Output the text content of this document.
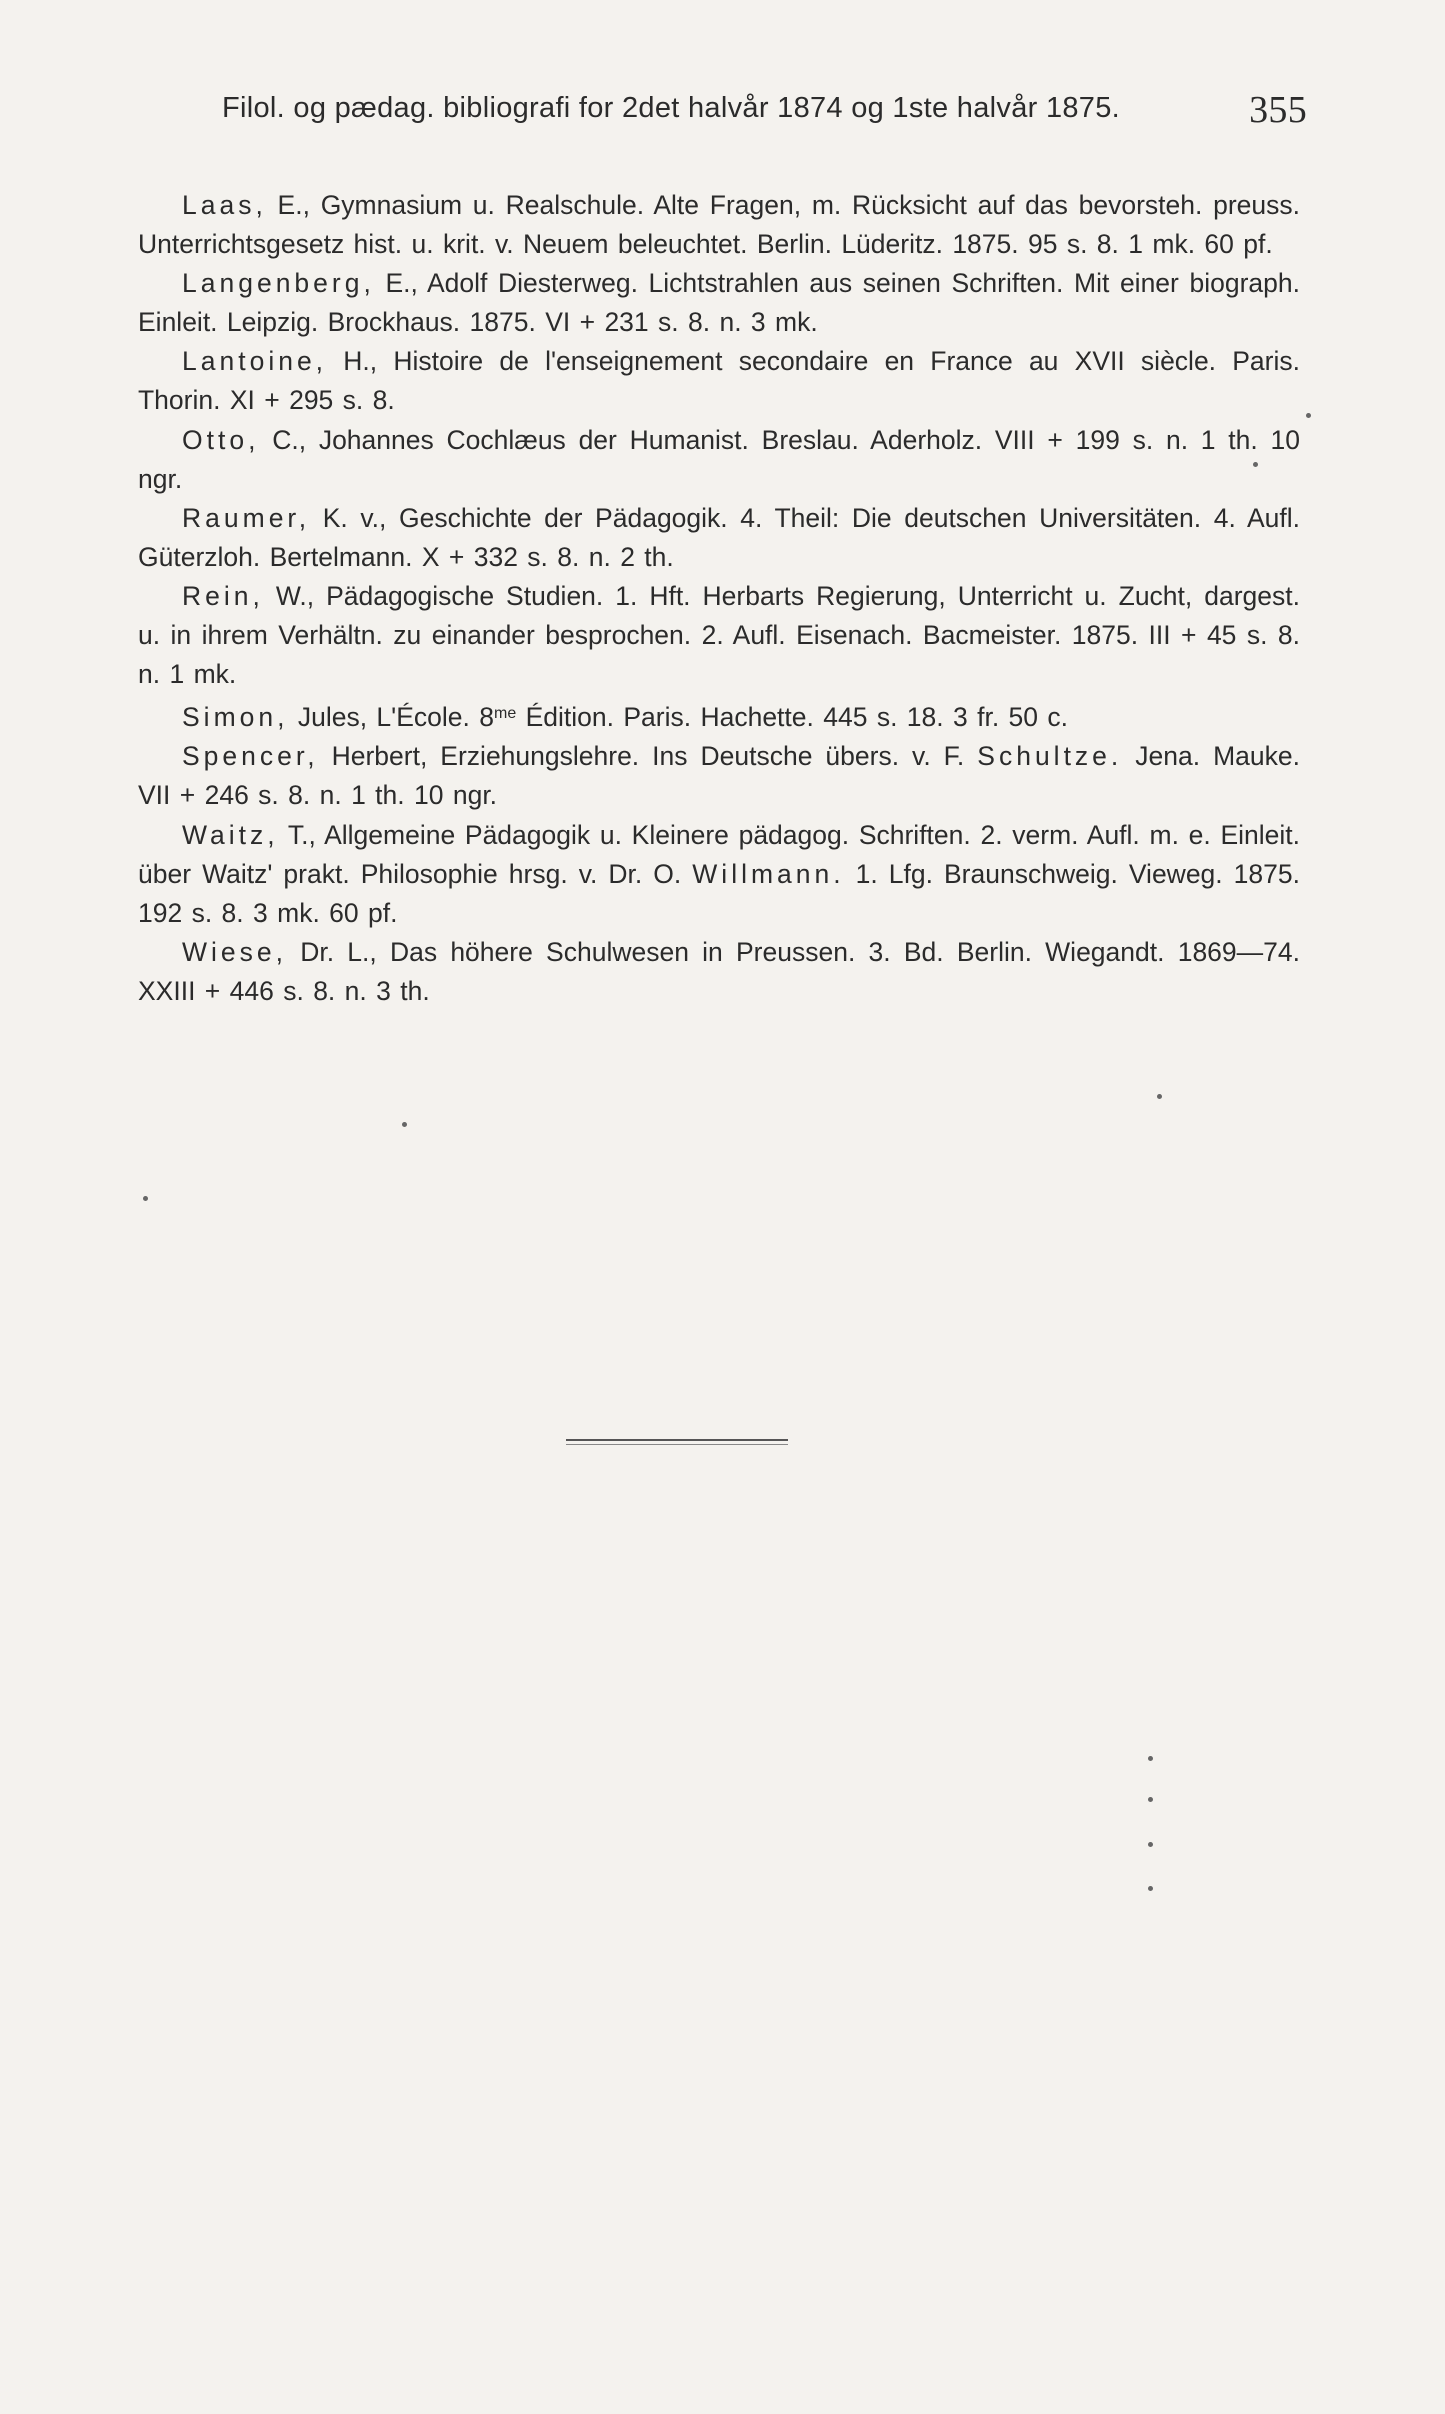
Filol. og pædag. bibliografi for 2det halvår 1874 og 1ste halvår 1875.	355

Laas, E., Gymnasium u. Realschule. Alte Fragen, m. Rücksicht auf das bevorsteh. preuss. Unterrichtsgesetz hist. u. krit. v. Neuem beleuchtet. Berlin. Lüderitz. 1875. 95 s. 8. 1 mk. 60 pf.

Langenberg, E., Adolf Diesterweg. Lichtstrahlen aus seinen Schriften. Mit einer biograph. Einleit. Leipzig. Brockhaus. 1875. VI + 231 s. 8. n. 3 mk.

Lantoine, H., Histoire de l'enseignement secondaire en France au XVII siècle. Paris. Thorin. XI + 295 s. 8.

Otto, C., Johannes Cochlæus der Humanist. Breslau. Aderholz. VIII + 199 s. n. 1 th. 10 ngr.

Raumer, K. v., Geschichte der Pädagogik. 4. Theil: Die deutschen Universitäten. 4. Aufl. Güterzloh. Bertelmann. X + 332 s. 8. n. 2 th.

Rein, W., Pädagogische Studien. 1. Hft. Herbarts Regierung, Unterricht u. Zucht, dargest. u. in ihrem Verhältn. zu einander besprochen. 2. Aufl. Eisenach. Bacmeister. 1875. III + 45 s. 8. n. 1 mk.

Simon, Jules, L'École. $8^{me}$ Édition. Paris. Hachette. 445 s. 18. 3 fr. 50 c.

Spencer, Herbert, Erziehungslehre. Ins Deutsche übers. v. F. Schultze. Jena. Mauke. VII + 246 s. 8. n. 1 th. 10 ngr.

Waitz, T., Allgemeine Pädagogik u. Kleinere pädagog. Schriften. 2. verm. Aufl. m. e. Einleit. über Waitz' prakt. Philosophie hrsg. v. Dr. O. Willmann. 1. Lfg. Braunschweig. Vieweg. 1875. 192 s. 8. 3 mk. 60 pf.

Wiese, Dr. L., Das höhere Schulwesen in Preussen. 3. Bd. Berlin. Wiegandt. 1869—74. XXIII + 446 s. 8. n. 3 th.
